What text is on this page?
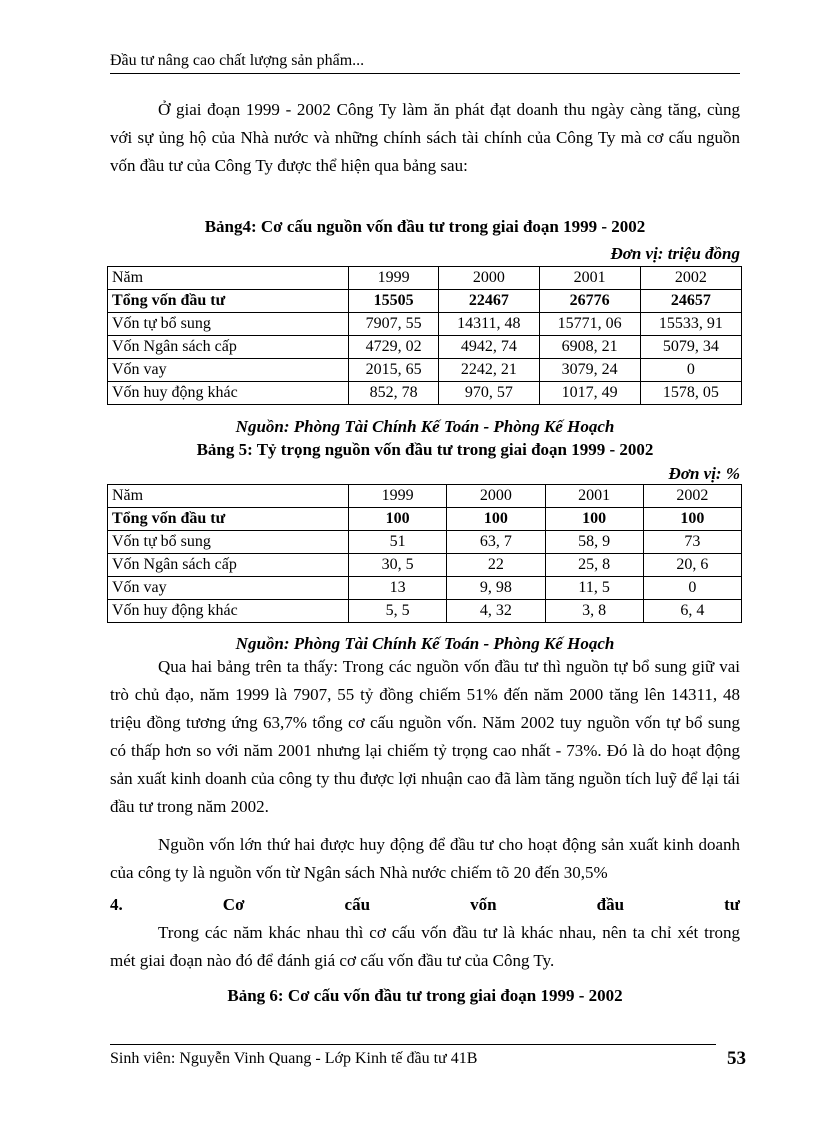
Đầu tư nâng cao chất lượng sản phẩm...
Ở giai đoạn 1999 - 2002 Công Ty làm ăn phát đạt doanh thu ngày càng tăng, cùng với sự ủng hộ của Nhà nước và những chính sách tài chính của Công Ty mà cơ cấu nguồn vốn đầu tư của Công Ty được thể hiện qua bảng sau:
Bảng4: Cơ cấu nguồn vốn đầu tư trong giai đoạn 1999 - 2002
Đơn vị: triệu đồng
Năm	1999	2000	2001	2002
Tổng vốn đầu tư	15505	22467	26776	24657
Vốn tự bổ sung	7907, 55	14311, 48	15771, 06	15533, 91
Vốn Ngân sách cấp	4729, 02	4942, 74	6908, 21	5079, 34
Vốn vay	2015, 65	2242, 21	3079, 24	0
Vốn huy động khác	852, 78	970, 57	1017, 49	1578, 05
Nguồn: Phòng Tài Chính Kế Toán - Phòng Kế Hoạch
Bảng 5: Tỷ trọng nguồn vốn đầu tư trong giai đoạn 1999 - 2002
Đơn vị: %
Năm	1999	2000	2001	2002
Tổng vốn đầu tư	100	100	100	100
Vốn tự bổ sung	51	63, 7	58, 9	73
Vốn Ngân sách cấp	30, 5	22	25, 8	20, 6
Vốn vay	13	9, 98	11, 5	0
Vốn huy động khác	5, 5	4, 32	3, 8	6, 4
Nguồn: Phòng Tài Chính Kế Toán - Phòng Kế Hoạch
Qua hai bảng trên ta thấy: Trong các nguồn vốn đầu tư thì nguồn tự bổ sung giữ vai trò chủ đạo, năm 1999 là 7907, 55 tỷ đồng chiếm 51% đến năm 2000 tăng lên 14311, 48 triệu đồng tương ứng 63,7% tổng cơ cấu nguồn vốn. Năm 2002 tuy nguồn vốn tự bổ sung có thấp hơn so với năm 2001 nhưng lại chiếm tỷ trọng cao nhất - 73%. Đó là do hoạt động sản xuất kinh doanh của công ty thu được lợi nhuận cao đã làm tăng nguồn tích luỹ để lại tái đầu tư trong năm 2002.
Nguồn vốn lớn thứ hai được huy động để đầu tư cho hoạt động sản xuất kinh doanh của công ty là nguồn vốn từ Ngân sách Nhà nước chiếm tõ 20 đến 30,5%
4.	Cơ	cấu	vốn	đầu	tư
Trong các năm khác nhau thì cơ cấu vốn đầu tư là khác nhau, nên ta chỉ xét trong mét giai đoạn nào đó để đánh giá cơ cấu vốn đầu tư của Công Ty.
Bảng 6: Cơ cấu vốn đầu tư trong giai đoạn 1999 - 2002
Sinh viên: Nguyễn Vinh Quang - Lớp Kinh tế đầu tư 41B	53
